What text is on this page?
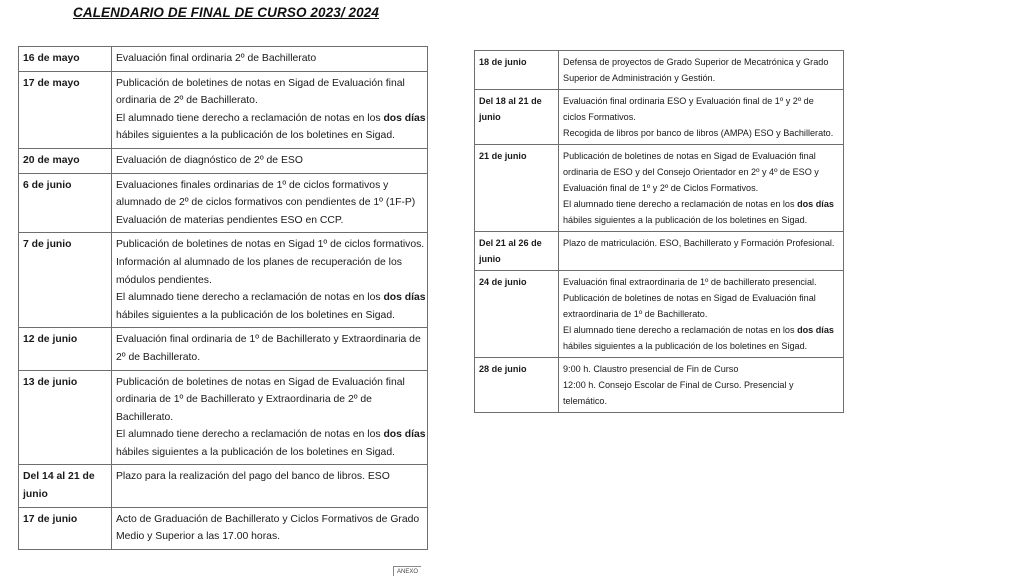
CALENDARIO DE FINAL DE CURSO 2023/ 2024
16 de mayo	Evaluación final ordinaria 2º de Bachillerato

17 de mayo	Publicación de boletines de notas en Sigad de Evaluación final
ordinaria de 2º de Bachillerato.
El alumnado tiene derecho a reclamación de notas en los dos días
hábiles siguientes a la publicación de los boletines en Sigad.

20 de mayo	Evaluación de diagnóstico de 2º de ESO

6 de junio	Evaluaciones finales ordinarias de 1º de ciclos formativos y
alumnado de 2º de ciclos formativos con pendientes de 1º (1F-P)
Evaluación de materias pendientes ESO en CCP.

7 de junio	Publicación de boletines de notas en Sigad 1º de ciclos formativos.
Información al alumnado de los planes de recuperación de los
módulos pendientes.
El alumnado tiene derecho a reclamación de notas en los dos días
hábiles siguientes a la publicación de los boletines en Sigad.

12 de junio	Evaluación final ordinaria de 1º de Bachillerato y Extraordinaria de
2º de Bachillerato.

13 de junio	Publicación de boletines de notas en Sigad de Evaluación final
ordinaria de 1º de Bachillerato y Extraordinaria de 2º de
Bachillerato.
El alumnado tiene derecho a reclamación de notas en los dos días
hábiles siguientes a la publicación de los boletines en Sigad.

Del 14 al 21 de
junio	Plazo para la realización del pago del banco de libros. ESO

17 de junio	Acto de Graduación de Bachillerato y Ciclos Formativos de Grado
Medio y Superior a las 17.00 horas.
18 de junio	Defensa de proyectos de Grado Superior de Mecatrónica y Grado
Superior de Administración y Gestión.

Del 18 al 21 de
junio	Evaluación final ordinaria ESO y Evaluación final de 1º y 2º de
ciclos Formativos.
Recogida de libros por banco de libros (AMPA) ESO y Bachillerato.

21 de junio	Publicación de boletines de notas en Sigad de Evaluación final
ordinaria de ESO y del Consejo Orientador en 2º y 4º de ESO y
Evaluación final de 1º y 2º de Ciclos Formativos.
El alumnado tiene derecho a reclamación de notas en los dos días
hábiles siguientes a la publicación de los boletines en Sigad.

Del 21 al 26 de
junio	Plazo de matriculación. ESO, Bachillerato y Formación Profesional.

24 de junio	Evaluación final extraordinaria de 1º de bachillerato presencial.
Publicación de boletines de notas en Sigad de Evaluación final
extraordinaria de 1º de Bachillerato.
El alumnado tiene derecho a reclamación de notas en los dos días
hábiles siguientes a la publicación de los boletines en Sigad.

28 de junio	9:00 h. Claustro presencial de Fin de Curso
12:00 h. Consejo Escolar de Final de Curso. Presencial y
telemático.
ANEXO
